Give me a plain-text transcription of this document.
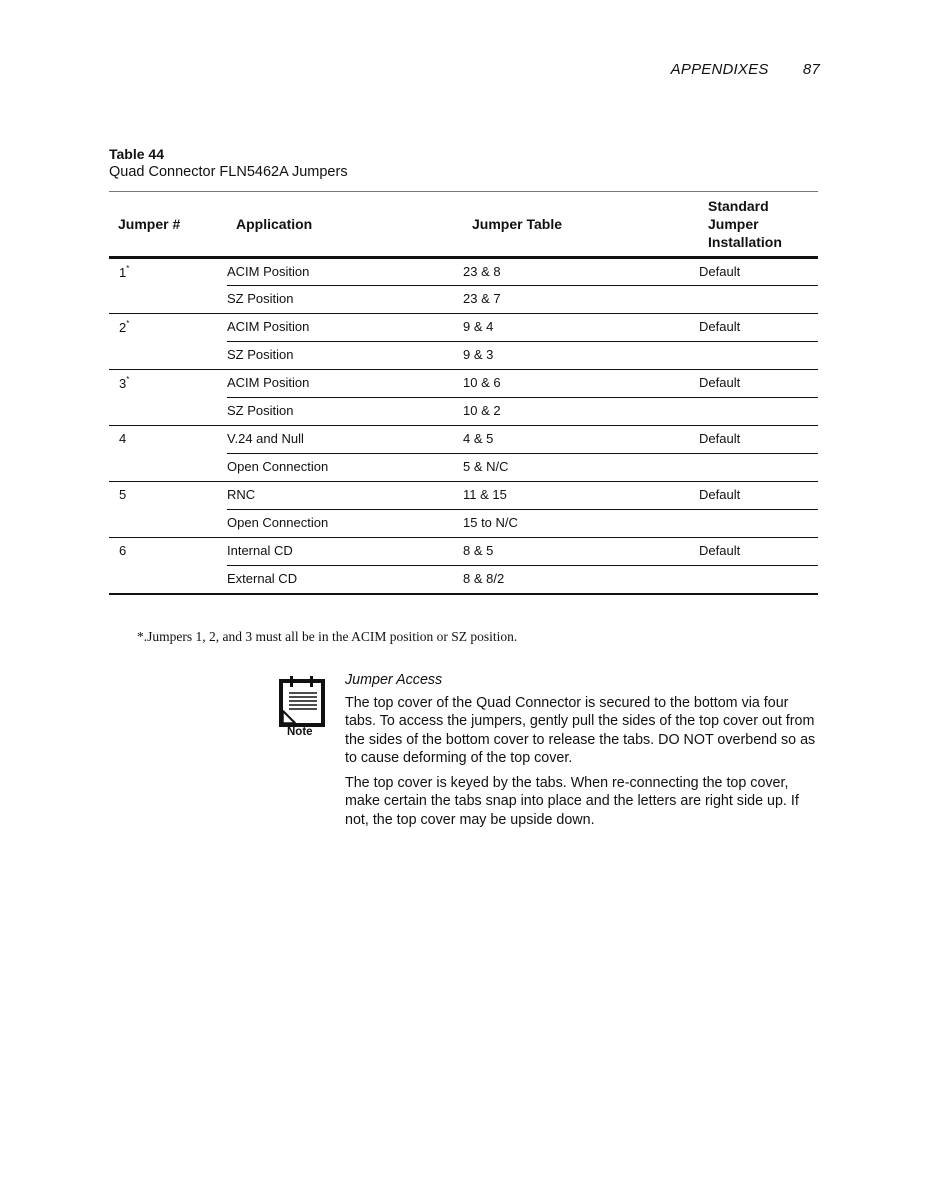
APPENDIXES 87
Table 44
Quad Connector FLN5462A Jumpers
Jumper #	Application	Jumper Table	Standard Jumper Installation
1*	ACIM Position	23 & 8	Default
	SZ Position	23 & 7	
2*	ACIM Position	9 & 4	Default
	SZ Position	9 & 3	
3*	ACIM Position	10 & 6	Default
	SZ Position	10 & 2	
4	V.24 and Null	4 & 5	Default
	Open Connection	5 & N/C	
5	RNC	11 & 15	Default
	Open Connection	15 to N/C	
6	Internal CD	8 & 5	Default
	External CD	8 & 8/2	
*.Jumpers 1, 2, and 3 must all be in the ACIM position or SZ position.
Note
Jumper Access

The top cover of the Quad Connector is secured to the bottom via four tabs. To access the jumpers, gently pull the sides of the top cover out from the sides of the bottom cover to release the tabs. DO NOT overbend so as to cause deforming of the top cover.

The top cover is keyed by the tabs. When re-connecting the top cover, make certain the tabs snap into place and the letters are right side up. If not, the top cover may be upside down.
